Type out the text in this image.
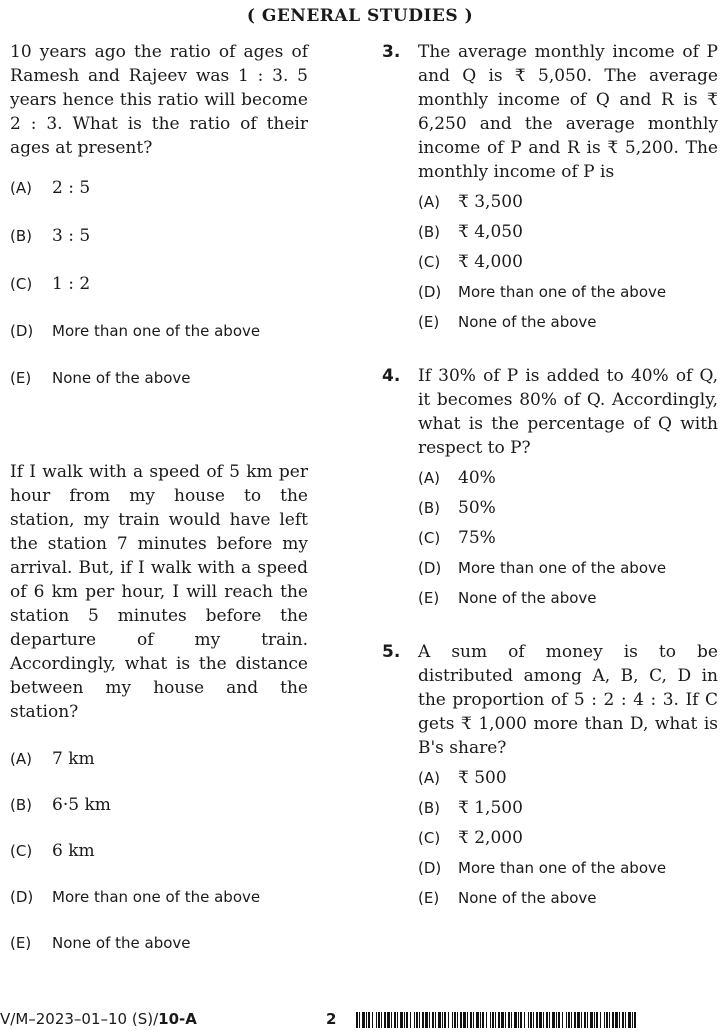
( GENERAL STUDIES )

10 years ago the ratio of ages of Ramesh and Rajeev was 1 : 3. 5 years hence this ratio will become 2 : 3. What is the ratio of their ages at present?

(A) 2 : 5

(B) 3 : 5

(C) 1 : 2

(D) More than one of the above

(E) None of the above

If I walk with a speed of 5 km per hour from my house to the station, my train would have left the station 7 minutes before my arrival. But, if I walk with a speed of 6 km per hour, I will reach the station 5 minutes before the departure of my train. Accordingly, what is the distance between my house and the station?

(A) 7 km

(B) 6·5 km

(C) 6 km

(D) More than one of the above

(E) None of the above

3. The average monthly income of P and Q is ₹ 5,050. The average monthly income of Q and R is ₹ 6,250 and the average monthly income of P and R is ₹ 5,200. The monthly income of P is

(A) ₹ 3,500

(B) ₹ 4,050

(C) ₹ 4,000

(D) More than one of the above

(E) None of the above

4. If 30% of P is added to 40% of Q, it becomes 80% of Q. Accordingly, what is the percentage of Q with respect to P?

(A) 40%

(B) 50%

(C) 75%

(D) More than one of the above

(E) None of the above

5. A sum of money is to be distributed among A, B, C, D in the proportion of 5 : 2 : 4 : 3. If C gets ₹ 1,000 more than D, what is B's share?

(A) ₹ 500

(B) ₹ 1,500

(C) ₹ 2,000

(D) More than one of the above

(E) None of the above

V/M–2023–01–10 (S)/10-A	2
